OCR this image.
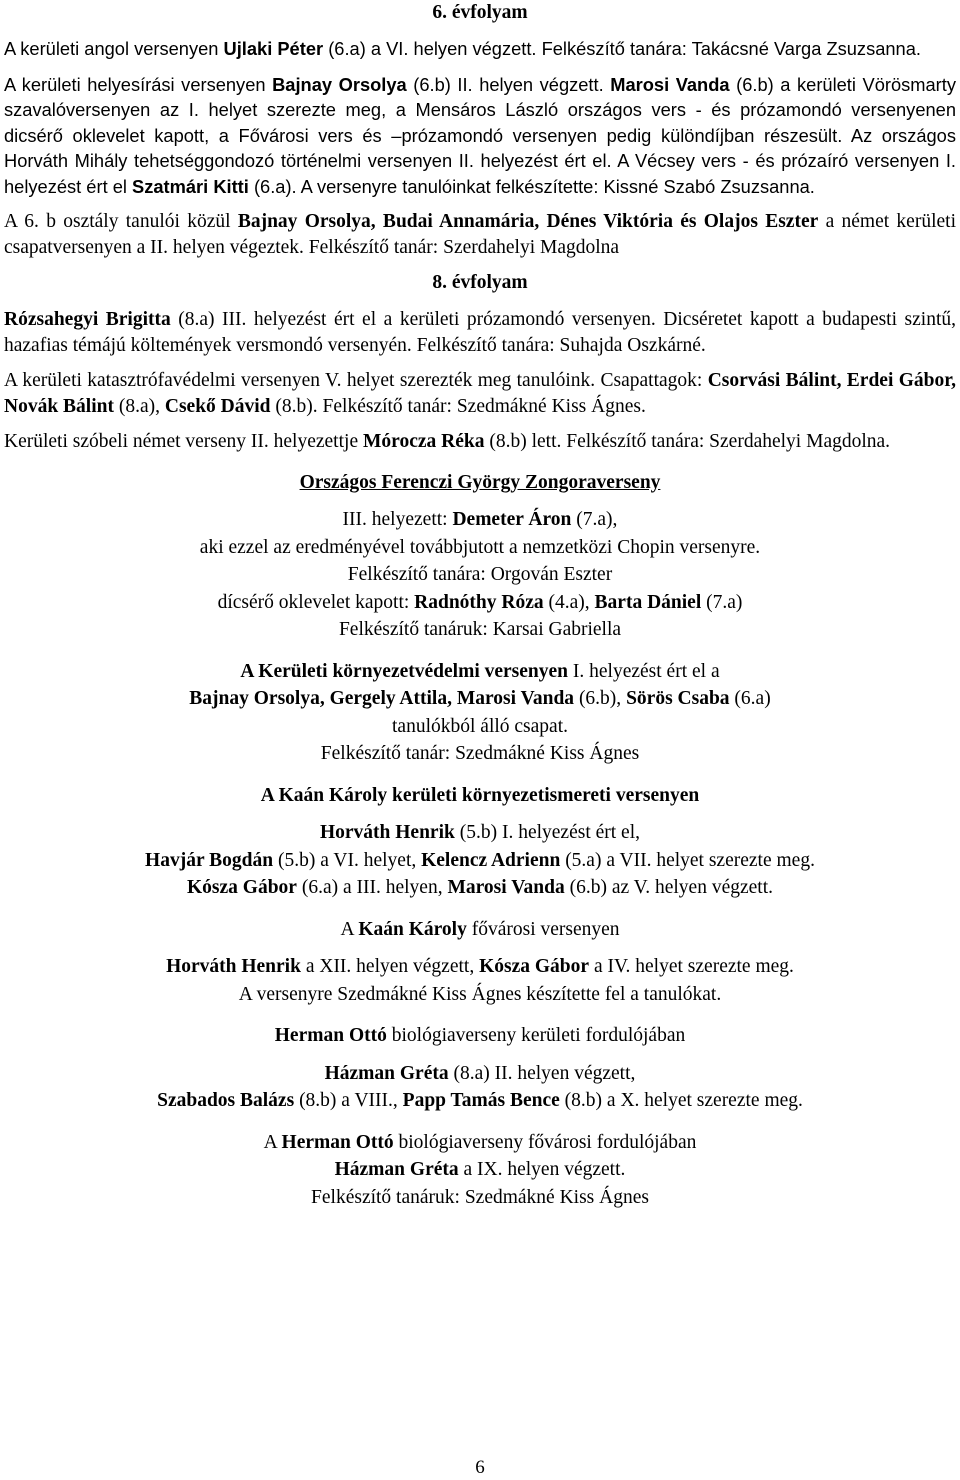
6. évfolyam

A kerületi angol versenyen Ujlaki Péter (6.a) a VI. helyen végzett. Felkészítő tanára: Takácsné Varga Zsuzsanna.

A kerületi helyesírási versenyen Bajnay Orsolya (6.b) II. helyen végzett. Marosi Vanda (6.b) a kerületi Vörösmarty szavalóversenyen az I. helyet szerezte meg, a Mensáros László országos vers - és prózamondó versenyenen dicsérő oklevelet kapott, a Fővárosi vers és –prózamondó versenyen pedig különdíjban részesült. Az országos Horváth Mihály tehetséggondozó történelmi versenyen II. helyezést ért el. A Vécsey vers - és prózaíró versenyen I. helyezést ért el Szatmári Kitti (6.a). A versenyre tanulóinkat felkészítette: Kissné Szabó Zsuzsanna.

A 6. b osztály tanulói közül Bajnay Orsolya, Budai Annamária, Dénes Viktória és Olajos Eszter a német kerületi csapatversenyen a II. helyen végeztek. Felkészítő tanár: Szerdahelyi Magdolna

8. évfolyam

Rózsahegyi Brigitta (8.a) III. helyezést ért el a kerületi prózamondó versenyen. Dicséretet kapott a budapesti szintű, hazafias témájú költemények versmondó versenyén. Felkészítő tanára: Suhajda Oszkárné.

A kerületi katasztrófavédelmi versenyen V. helyet szerezték meg tanulóink. Csapattagok: Csorvási Bálint, Erdei Gábor, Novák Bálint (8.a), Csekő Dávid (8.b). Felkészítő tanár: Szedmákné Kiss Ágnes.

Kerületi szóbeli német verseny II. helyezettje Mórocza Réka (8.b) lett. Felkészítő tanára: Szerdahelyi Magdolna.

Országos Ferenczi György Zongoraverseny

III. helyezett: Demeter Áron (7.a),

aki ezzel az eredményével továbbjutott a nemzetközi Chopin versenyre.

Felkészítő tanára: Orgován Eszter

dícsérő oklevelet kapott: Radnóthy Róza (4.a), Barta Dániel (7.a)

Felkészítő tanáruk: Karsai Gabriella

A Kerületi környezetvédelmi versenyen I. helyezést ért el a

Bajnay Orsolya, Gergely Attila, Marosi Vanda (6.b), Sörös Csaba (6.a)

tanulókból álló csapat.

Felkészítő tanár: Szedmákné Kiss Ágnes

A Kaán Károly kerületi környezetismereti versenyen

Horváth Henrik (5.b) I. helyezést ért el,

Havjár Bogdán (5.b) a VI. helyet, Kelencz Adrienn (5.a) a VII. helyet szerezte meg.

Kósza Gábor (6.a) a III. helyen, Marosi Vanda (6.b) az V. helyen végzett.

A Kaán Károly fővárosi versenyen

Horváth Henrik a XII. helyen végzett, Kósza Gábor a IV. helyet szerezte meg.

A versenyre Szedmákné Kiss Ágnes készítette fel a tanulókat.

Herman Ottó biológiaverseny kerületi fordulójában

Házman Gréta (8.a) II. helyen végzett,

Szabados Balázs (8.b) a VIII., Papp Tamás Bence (8.b) a X. helyet szerezte meg.

A Herman Ottó biológiaverseny fővárosi fordulójában

Házman Gréta a IX. helyen végzett.

Felkészítő tanáruk: Szedmákné Kiss Ágnes

6
